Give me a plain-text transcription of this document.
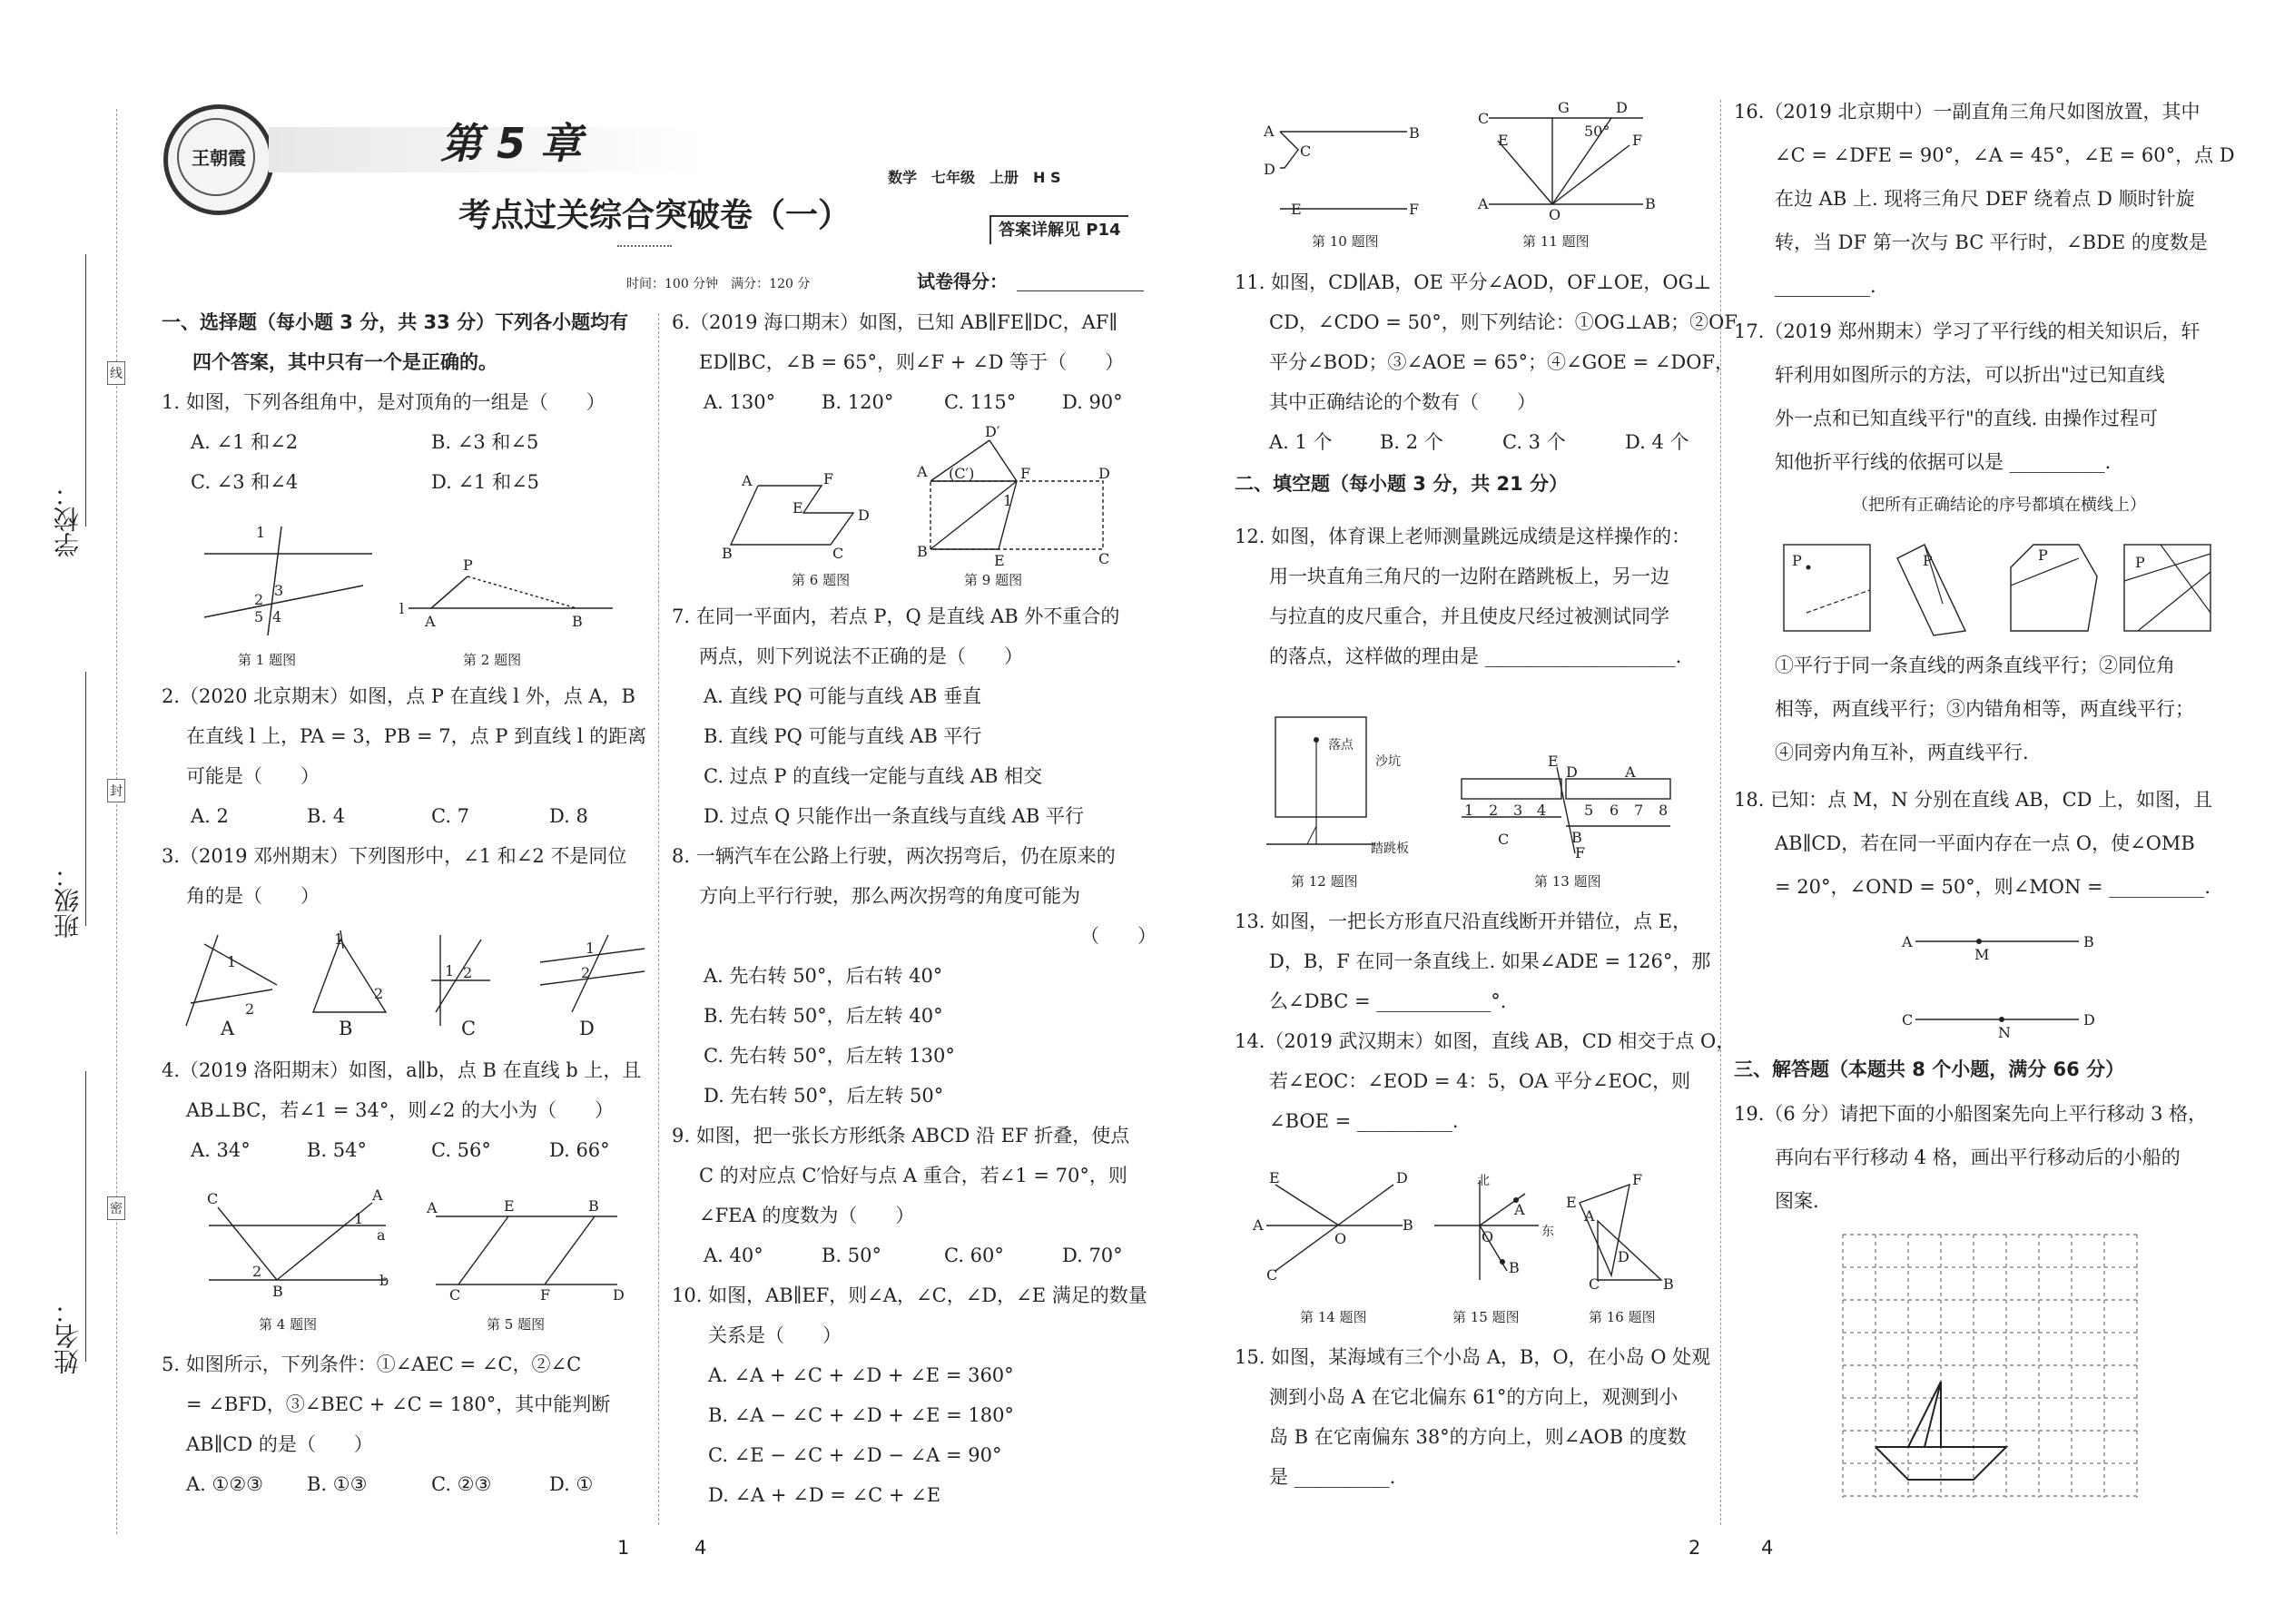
姓名：
班级：
学校：
线
封
密
王朝霞	第 5 章
考点过关综合突破卷（一）
数学　七年级　上册　H S
答案详解见 P14
时间：100 分钟　满分：120 分	试卷得分：
一、选择题（每小题 3 分，共 33 分）下列各小题均有
四个答案，其中只有一个是正确的。
1. 如图，下列各组角中，是对顶角的一组是（　　）
A. ∠1 和∠2	B. ∠3 和∠5
C. ∠3 和∠4	D. ∠1 和∠5
1
2
3
5 4	l
P
A	B
第 1 题图	第 2 题图
2.（2020 北京期末）如图，点 P 在直线 l 外，点 A，B
在直线 l 上，PA = 3，PB = 7，点 P 到直线 l 的距离
可能是（　　）
A. 2	B. 4	C. 7	D. 8
3.（2019 邓州期末）下列图形中，∠1 和∠2 不是同位
角的是（　　）
1
2
1
2
1 2
1
2
A	B	C	D
4.（2019 洛阳期末）如图，a∥b，点 B 在直线 b 上，且
AB⊥BC，若∠1 = 34°，则∠2 的大小为（　　）
A. 34°	B. 54°	C. 56°	D. 66°
C	A
a
b
B
1
2
A	E	B
C	F	D
第 4 题图	第 5 题图
5. 如图所示，下列条件：①∠AEC = ∠C，②∠C
= ∠BFD，③∠BEC + ∠C = 180°，其中能判断
AB∥CD 的是（　　）
A. ①②③ B. ①③	C. ②③	D. ①
6.（2019 海口期末）如图，已知 AB∥FE∥DC，AF∥
ED∥BC，∠B = 65°，则∠F + ∠D 等于（　　）
A. 130° B. 120°	C. 115° D. 90°
A	F
E	D
B	C
D′
(C′)
A	F	D
1
B
E	C
第 6 题图	第 9 题图
7. 在同一平面内，若点 P，Q 是直线 AB 外不重合的
两点，则下列说法不正确的是（　　）
A. 直线 PQ 可能与直线 AB 垂直
B. 直线 PQ 可能与直线 AB 平行
C. 过点 P 的直线一定能与直线 AB 相交
D. 过点 Q 只能作出一条直线与直线 AB 平行
8. 一辆汽车在公路上行驶，两次拐弯后，仍在原来的
方向上平行行驶，那么两次拐弯的角度可能为
（　　）
A. 先右转 50°，后右转 40°
B. 先右转 50°，后左转 40°
C. 先右转 50°，后左转 130°
D. 先右转 50°，后左转 50°
9. 如图，把一张长方形纸条 ABCD 沿 EF 折叠，使点
C 的对应点 C′恰好与点 A 重合，若∠1 = 70°，则
∠FEA 的度数为（　　）
A. 40°	B. 50°	C. 60°	D. 70°
10. 如图，AB∥EF，则∠A，∠C，∠D，∠E 满足的数量
关系是（　　）
A. ∠A + ∠C + ∠D + ∠E = 360°
B. ∠A − ∠C + ∠D + ∠E = 180°
C. ∠E − ∠C + ∠D − ∠A = 90°
D. ∠A + ∠D = ∠C + ∠E
A	B
C
D
E	F
C
G	D
E	F
50°
A
O
B
第 10 题图	第 11 题图
11. 如图，CD∥AB，OE 平分∠AOD，OF⊥OE，OG⊥
CD，∠CDO = 50°，则下列结论：①OG⊥AB；②OF
平分∠BOD；③∠AOE = 65°；④∠GOE = ∠DOF，
其中正确结论的个数有（　　）
A. 1 个 B. 2 个	C. 3 个	D. 4 个
二、填空题（每小题 3 分，共 21 分）
12. 如图，体育课上老师测量跳远成绩是这样操作的：
用一块直角三角尺的一边附在踏跳板上，另一边
与拉直的皮尺重合，并且使皮尺经过被测试同学
的落点，这样做的理由是 ____________________.
落点
沙坑
踏跳板
1 2 3 4	5 6 7 8
E
D	A
C	B
F
第 12 题图	第 13 题图
13. 如图，一把长方形直尺沿直线断开并错位，点 E，
D，B，F 在同一条直线上. 如果∠ADE = 126°，那
么∠DBC = ____________°.
14.（2019 武汉期末）如图，直线 AB，CD 相交于点 O，
若∠EOC：∠EOD = 4：5，OA 平分∠EOC，则
∠BOE = __________.
E	D
A	B
O
C
A
O
B
北
东
F
E
A
D
C	B
第 14 题图	第 15 题图	第 16 题图
15. 如图，某海域有三个小岛 A，B，O，在小岛 O 处观
测到小岛 A 在它北偏东 61°的方向上，观测到小
岛 B 在它南偏东 38°的方向上，则∠AOB 的度数
是 __________.
16.（2019 北京期中）一副直角三角尺如图放置，其中
∠C = ∠DFE = 90°，∠A = 45°，∠E = 60°，点 D
在边 AB 上. 现将三角尺 DEF 绕着点 D 顺时针旋
转，当 DF 第一次与 BC 平行时，∠BDE 的度数是
__________.
17.（2019 郑州期末）学习了平行线的相关知识后，轩
轩利用如图所示的方法，可以折出"过已知直线
外一点和已知直线平行"的直线. 由操作过程可
知他折平行线的依据可以是 __________.
（把所有正确结论的序号都填在横线上）
P	P	P	P
①平行于同一条直线的两条直线平行；②同位角
相等，两直线平行；③内错角相等，两直线平行；
④同旁内角互补，两直线平行.
18. 已知：点 M，N 分别在直线 AB，CD 上，如图，且
AB∥CD，若在同一平面内存在一点 O，使∠OMB
= 20°，∠OND = 50°，则∠MON = __________.
A	B
M
C	D
N
三、解答题（本题共 8 个小题，满分 66 分）
19.（6 分）请把下面的小船图案先向上平行移动 3 格，
再向右平行移动 4 格，画出平行移动后的小船的
图案.
1	4	2	4
